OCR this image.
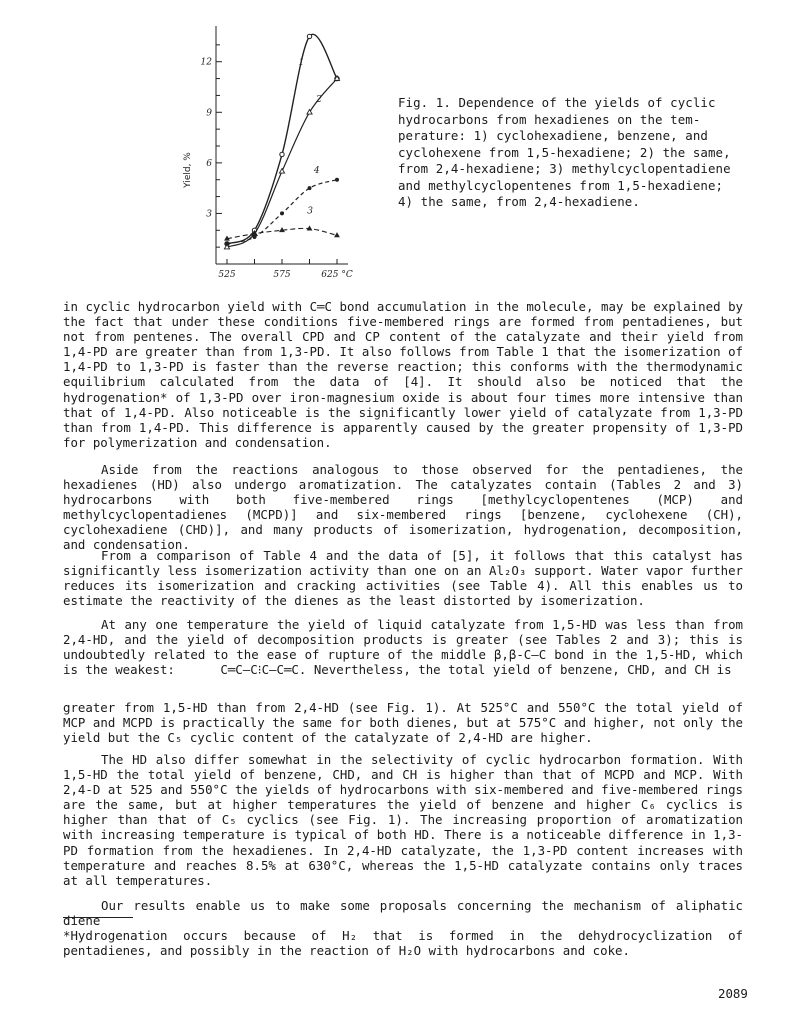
12
9
6
3
525	575	625 °C
Yield, %
1
2
3
4
Fig. 1. Dependence of the yields of cyclic
hydrocarbons from hexadienes on the tem-
perature: 1) cyclohexadiene, benzene, and
cyclohexene from 1,5-hexadiene; 2) the same,
from 2,4-hexadiene; 3) methylcyclopentadiene
and methylcyclopentenes from 1,5-hexadiene;
4) the same, from 2,4-hexadiene.

in cyclic hydrocarbon yield with C═C bond accumulation in the molecule, may be explained by the fact that under these conditions five-membered rings are formed from pentadienes, but not from pentenes. The overall CPD and CP content of the catalyzate and their yield from 1,4-PD are greater than from 1,3-PD. It also follows from Table 1 that the isomerization of 1,4-PD to 1,3-PD is faster than the reverse reaction; this conforms with the thermodynamic equilibrium calculated from the data of [4]. It should also be noticed that the hydrogenation* of 1,3-PD over iron-magnesium oxide is about four times more intensive than that of 1,4-PD. Also noticeable is the significantly lower yield of catalyzate from 1,3-PD than from 1,4-PD. This difference is apparently caused by the greater propensity of 1,3-PD for polymerization and condensation.

Aside from the reactions analogous to those observed for the pentadienes, the hexadienes (HD) also undergo aromatization. The catalyzates contain (Tables 2 and 3) hydrocarbons with both five-membered rings [methylcyclopentenes (MCP) and methylcyclopentadienes (MCPD)] and six-membered rings [benzene, cyclohexene (CH), cyclohexadiene (CHD)], and many products of isomerization, hydrogenation, decomposition, and condensation.

From a comparison of Table 4 and the data of [5], it follows that this catalyst has significantly less isomerization activity than one on an Al₂O₃ support. Water vapor further reduces its isomerization and cracking activities (see Table 4). All this enables us to estimate the reactivity of the dienes as the least distorted by isomerization.

At any one temperature the yield of liquid catalyzate from 1,5-HD was less than from 2,4-HD, and the yield of decomposition products is greater (see Tables 2 and 3); this is undoubtedly related to the ease of rupture of the middle β,β-C–C bond in the 1,5-HD, which is the weakest:	C═C—C⁝C—C═C. Nevertheless, the total yield of benzene, CHD, and CH is

greater from 1,5-HD than from 2,4-HD (see Fig. 1). At 525°C and 550°C the total yield of MCP and MCPD is practically the same for both dienes, but at 575°C and higher, not only the yield but the C₅ cyclic content of the catalyzate of 2,4-HD are higher.

The HD also differ somewhat in the selectivity of cyclic hydrocarbon formation. With 1,5-HD the total yield of benzene, CHD, and CH is higher than that of MCPD and MCP. With 2,4-D at 525 and 550°C the yields of hydrocarbons with six-membered and five-membered rings are the same, but at higher temperatures the yield of benzene and higher C₆ cyclics is higher than that of C₅ cyclics (see Fig. 1). The increasing proportion of aromatization with increasing temperature is typical of both HD. There is a noticeable difference in 1,3-PD formation from the hexadienes. In 2,4-HD catalyzate, the 1,3-PD content increases with temperature and reaches 8.5% at 630°C, whereas the 1,5-HD catalyzate contains only traces at all temperatures.

Our results enable us to make some proposals concerning the mechanism of aliphatic diene

*Hydrogenation occurs because of H₂ that is formed in the dehydrocyclization of pentadienes, and possibly in the reaction of H₂O with hydrocarbons and coke.

2089
